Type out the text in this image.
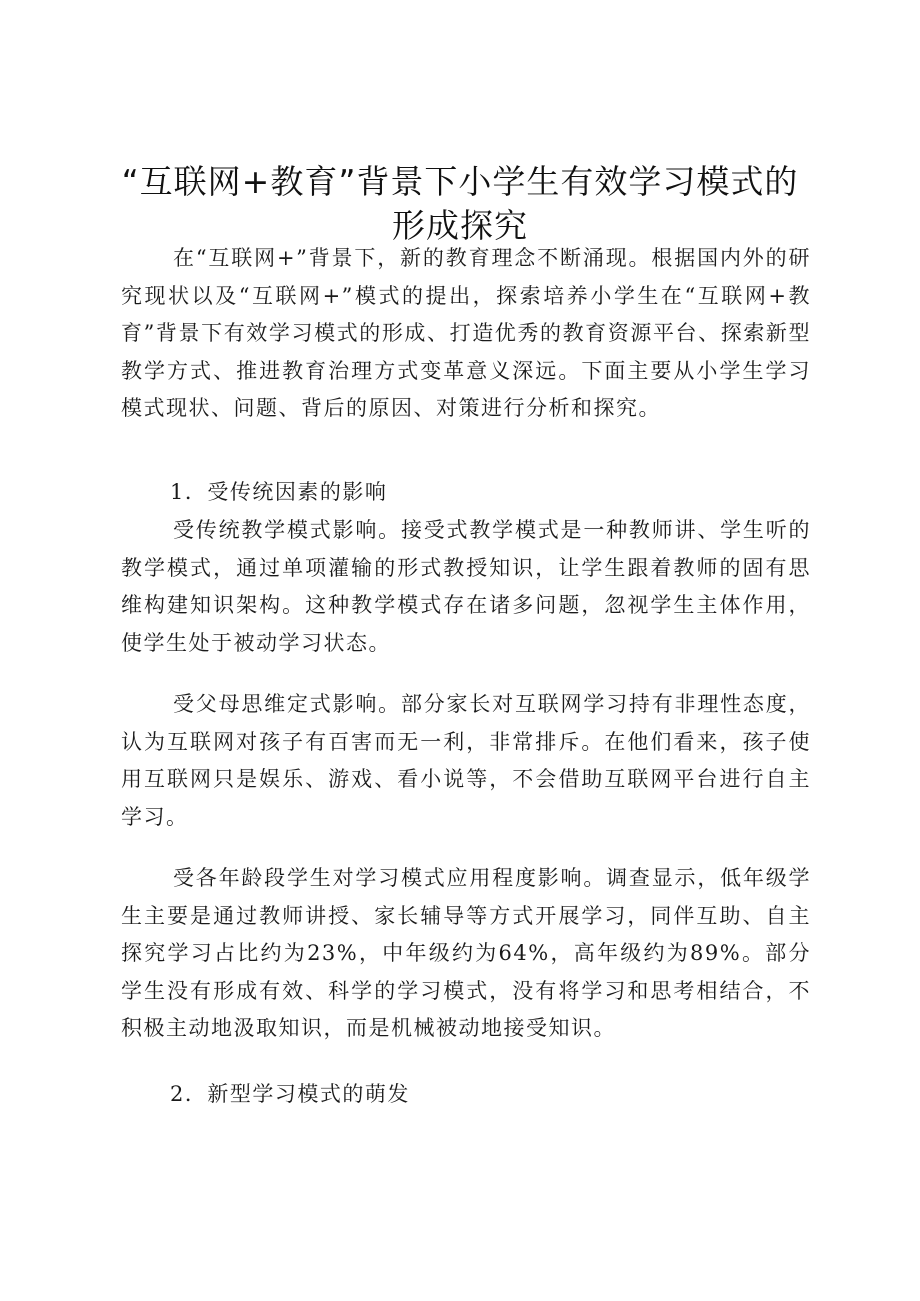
“互联网+教育”背景下小学生有效学习模式的
形成探究

在“互联网+”背景下，新的教育理念不断涌现。根据国内外的研究现状以及“互联网+”模式的提出，探索培养小学生在“互联网+教育”背景下有效学习模式的形成、打造优秀的教育资源平台、探索新型教学方式、推进教育治理方式变革意义深远。下面主要从小学生学习模式现状、问题、背后的原因、对策进行分析和探究。

1．受传统因素的影响

受传统教学模式影响。接受式教学模式是一种教师讲、学生听的教学模式，通过单项灌输的形式教授知识，让学生跟着教师的固有思维构建知识架构。这种教学模式存在诸多问题，忽视学生主体作用，使学生处于被动学习状态。

受父母思维定式影响。部分家长对互联网学习持有非理性态度，认为互联网对孩子有百害而无一利，非常排斥。在他们看来，孩子使用互联网只是娱乐、游戏、看小说等，不会借助互联网平台进行自主学习。

受各年龄段学生对学习模式应用程度影响。调查显示，低年级学生主要是通过教师讲授、家长辅导等方式开展学习，同伴互助、自主探究学习占比约为23%，中年级约为64%，高年级约为89%。部分学生没有形成有效、科学的学习模式，没有将学习和思考相结合，不积极主动地汲取知识，而是机械被动地接受知识。

2．新型学习模式的萌发
